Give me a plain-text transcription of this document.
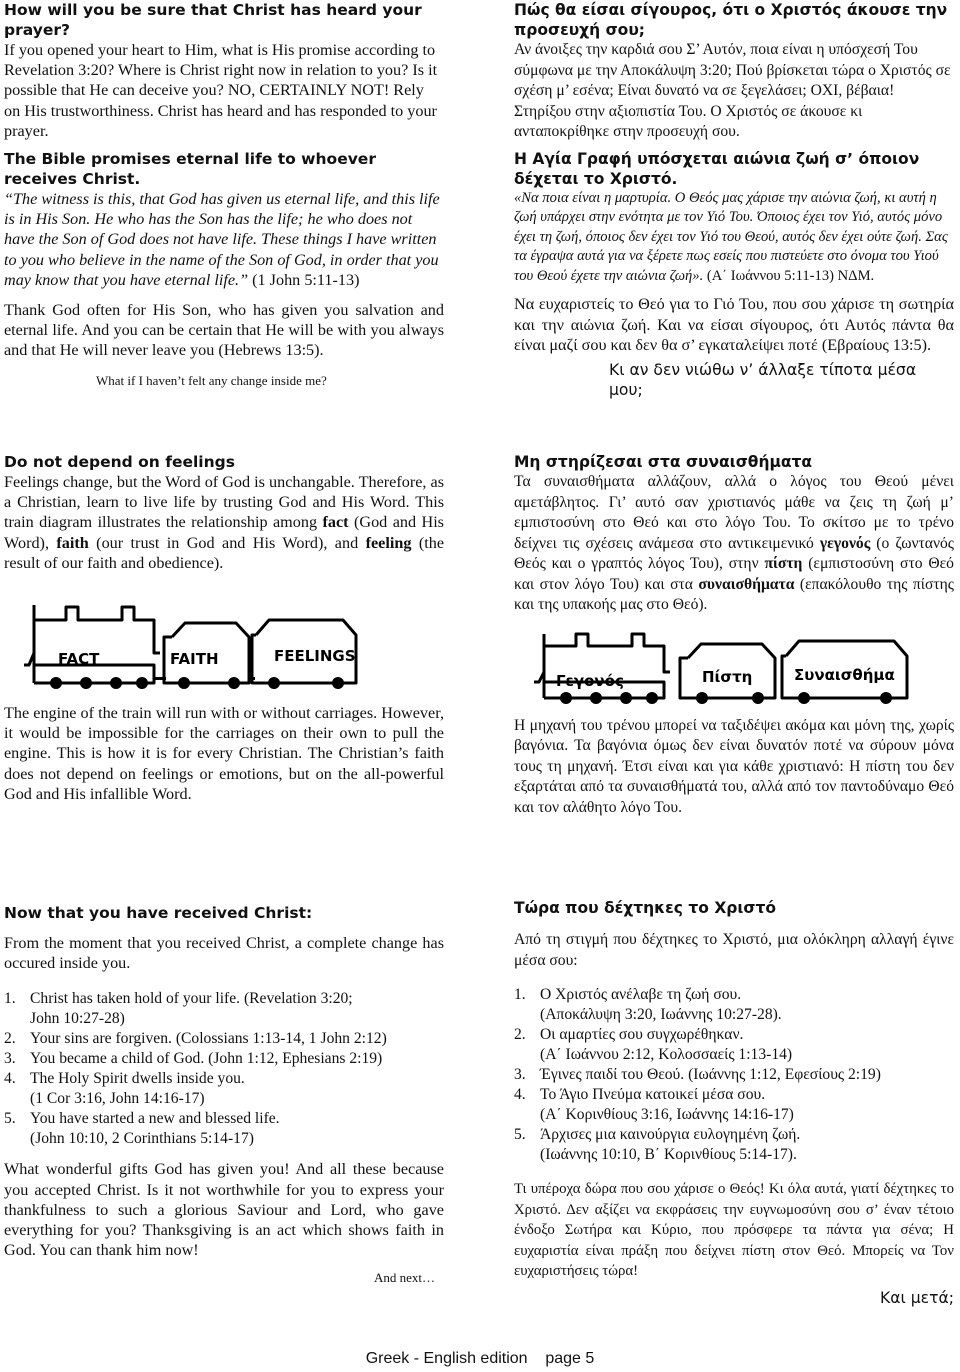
How will you be sure that Christ has heard your prayer?

If you opened your heart to Him, what is His promise according to Revelation 3:20? Where is Christ right now in relation to you? Is it possible that He can deceive you? NO, CERTAINLY NOT! Rely on His trustworthiness. Christ has heard and has responded to your prayer.

The Bible promises eternal life to whoever receives Christ.

“The witness is this, that God has given us eternal life, and this life is in His Son. He who has the Son has the life; he who does not have the Son of God does not have life. These things I have written to you who believe in the name of the Son of God, in order that you may know that you have eternal life.” (1 John 5:11-13)

Thank God often for His Son, who has given you salvation and eternal life. And you can be certain that He will be with you always and that He will never leave you (Hebrews 13:5).

What if I haven’t felt any change inside me?

Πώς θα είσαι σίγουρος, ότι ο Χριστός άκουσε την προσευχή σου;

Αν άνοιξες την καρδιά σου Σ’ Αυτόν, ποια είναι η υπόσχεσή Του σύμφωνα με την Αποκάλυψη 3:20; Πού βρίσκεται τώρα ο Χριστός σε σχέση μ’ εσένα; Είναι δυνατό να σε ξεγελάσει; ΟΧΙ, βέβαια! Στηρίξου στην αξιοπιστία Του. Ο Χριστός σε άκουσε κι ανταποκρίθηκε στην προσευχή σου.

Η Αγία Γραφή υπόσχεται αιώνια ζωή σ’ όποιον δέχεται το Χριστό.

«Να ποια είναι η μαρτυρία. Ο Θεός μας χάρισε την αιώνια ζωή, κι αυτή η ζωή υπάρχει στην ενότητα με τον Υιό Του. Όποιος έχει τον Υιό, αυτός μόνο έχει τη ζωή, όποιος δεν έχει τον Υιό του Θεού, αυτός δεν έχει ούτε ζωή. Σας τα έγραψα αυτά για να ξέρετε πως εσείς που πιστεύετε στο όνομα του Υιού του Θεού έχετε την αιώνια ζωή». (Α΄ Ιωάννου 5:11-13) ΝΔΜ.

Να ευχαριστείς το Θεό για το Γιό Του, που σου χάρισε τη σωτηρία και την αιώνια ζωή. Και να είσαι σίγουρος, ότι Αυτός πάντα θα είναι μαζί σου και δεν θα σ’ εγκαταλείψει ποτέ (Εβραίους 13:5).

Κι αν δεν νιώθω ν’ άλλαξε τίποτα μέσα μου;

Do not depend on feelings

Feelings change, but the Word of God is unchangable. Therefore, as a Christian, learn to live life by trusting God and His Word. This train diagram illustrates the relationship among fact (God and His Word), faith (our trust in God and His Word), and feeling (the result of our faith and obedience).

FACT	FAITH	FEELINGS

The engine of the train will run with or without carriages. However, it would be impossible for the carriages on their own to pull the engine. This is how it is for every Christian. The Christian’s faith does not depend on feelings or emotions, but on the all-powerful God and His infallible Word.

Μη στηρίζεσαι στα συναισθήματα

Τα συναισθήματα αλλάζουν, αλλά ο λόγος του Θεού μένει αμετάβλητος. Γι’ αυτό σαν χριστιανός μάθε να ζεις τη ζωή μ’ εμπιστοσύνη στο Θεό και στο λόγο Του. Το σκίτσο με το τρένο δείχνει τις σχέσεις ανάμεσα στο αντικειμενικό γεγονός (ο ζωντανός Θεός και ο γραπτός λόγος Του), στην πίστη (εμπιστοσύνη στο Θεό και στον λόγο Του) και στα συναισθήματα (επακόλουθο της πίστης και της υπακοής μας στο Θεό).

Γεγονός	Πίστη	Συναισθήμα

Η μηχανή του τρένου μπορεί να ταξιδέψει ακόμα και μόνη της, χωρίς βαγόνια. Τα βαγόνια όμως δεν είναι δυνατόν ποτέ να σύρουν μόνα τους τη μηχανή. Έτσι είναι και για κάθε χριστιανό: Η πίστη του δεν εξαρτάται από τα συναισθήματά του, αλλά από τον παντοδύναμο Θεό και τον αλάθητο λόγο Του.

Now that you have received Christ:

From the moment that you received Christ, a complete change has occured inside you.

1. Christ has taken hold of your life. (Revelation 3:20;
John 10:27-28)
2. Your sins are forgiven. (Colossians 1:13-14, 1 John 2:12)
3. You became a child of God. (John 1:12, Ephesians 2:19)
4. The Holy Spirit dwells inside you.
(1 Cor 3:16, John 14:16-17)
5. You have started a new and blessed life.
(John 10:10, 2 Corinthians 5:14-17)

What wonderful gifts God has given you! And all these because you accepted Christ. Is it not worthwhile for you to express your thankfulness to such a glorious Saviour and Lord, who gave everything for you? Thanksgiving is an act which shows faith in God. You can thank him now!

And next…

Τώρα που δέχτηκες το Χριστό

Από τη στιγμή που δέχτηκες το Χριστό, μια ολόκληρη αλλαγή έγινε μέσα σου:

1. Ο Χριστός ανέλαβε τη ζωή σου.
(Αποκάλυψη 3:20, Ιωάννης 10:27-28).
2. Οι αμαρτίες σου συγχωρέθηκαν.
(Α΄ Ιωάννου 2:12, Κολοσσαείς 1:13-14)
3. Έγινες παιδί του Θεού. (Ιωάννης 1:12, Εφεσίους 2:19)
4. Το Άγιο Πνεύμα κατοικεί μέσα σου.
(Α΄ Κορινθίους 3:16, Ιωάννης 14:16-17)
5. Άρχισες μια καινούργια ευλογημένη ζωή.
(Ιωάννης 10:10, Β΄ Κορινθίους 5:14-17).

Τι υπέροχα δώρα που σου χάρισε ο Θεός! Κι όλα αυτά, γιατί δέχτηκες το Χριστό. Δεν αξίζει να εκφράσεις την ευγνωμοσύνη σου σ’ έναν τέτοιο ένδοξο Σωτήρα και Κύριο, που πρόσφερε τα πάντα για σένα; Η ευχαριστία είναι πράξη που δείχνει πίστη στον Θεό. Μπορείς να Τον ευχαριστήσεις τώρα!

Και μετά;

Greek - English edition page 5
